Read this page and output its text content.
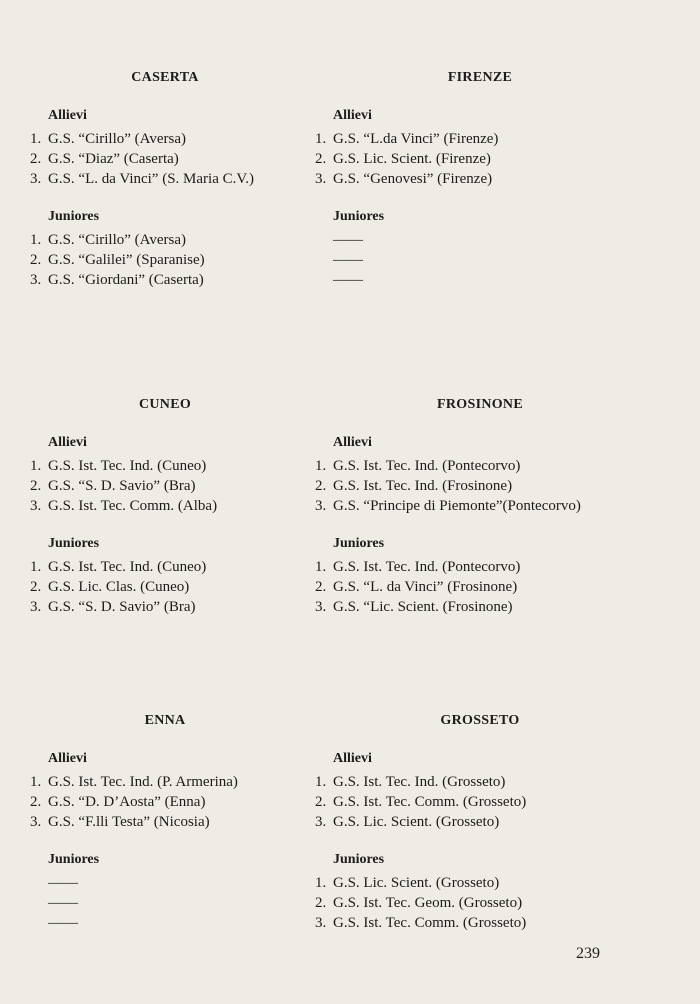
CASERTA
Allievi
1. G.S. “Cirillo” (Aversa)
2. G.S. “Diaz” (Caserta)
3. G.S. “L. da Vinci” (S. Maria C.V.)
Juniores
1. G.S. “Cirillo” (Aversa)
2. G.S. “Galilei” (Sparanise)
3. G.S. “Giordani” (Caserta)
FIRENZE
Allievi
1. G.S. “L.da Vinci” (Firenze)
2. G.S. Lic. Scient. (Firenze)
3. G.S. “Genovesi” (Firenze)
Juniores
——
——
——
CUNEO
Allievi
1. G.S. Ist. Tec. Ind. (Cuneo)
2. G.S. “S. D. Savio” (Bra)
3. G.S. Ist. Tec. Comm. (Alba)
Juniores
1. G.S. Ist. Tec. Ind. (Cuneo)
2. G.S. Lic. Clas. (Cuneo)
3. G.S. “S. D. Savio” (Bra)
FROSINONE
Allievi
1. G.S. Ist. Tec. Ind. (Pontecorvo)
2. G.S. Ist. Tec. Ind. (Frosinone)
3. G.S. “Principe di Piemonte”(Pontecorvo)
Juniores
1. G.S. Ist. Tec. Ind. (Pontecorvo)
2. G.S. “L. da Vinci” (Frosinone)
3. G.S. “Lic. Scient. (Frosinone)
ENNA
Allievi
1. G.S. Ist. Tec. Ind. (P. Armerina)
2. G.S. “D. D’Aosta” (Enna)
3. G.S. “F.lli Testa” (Nicosia)
Juniores
——
——
——
GROSSETO
Allievi
1. G.S. Ist. Tec. Ind. (Grosseto)
2. G.S. Ist. Tec. Comm. (Grosseto)
3. G.S. Lic. Scient. (Grosseto)
Juniores
1. G.S. Lic. Scient. (Grosseto)
2. G.S. Ist. Tec. Geom. (Grosseto)
3. G.S. Ist. Tec. Comm. (Grosseto)
239
